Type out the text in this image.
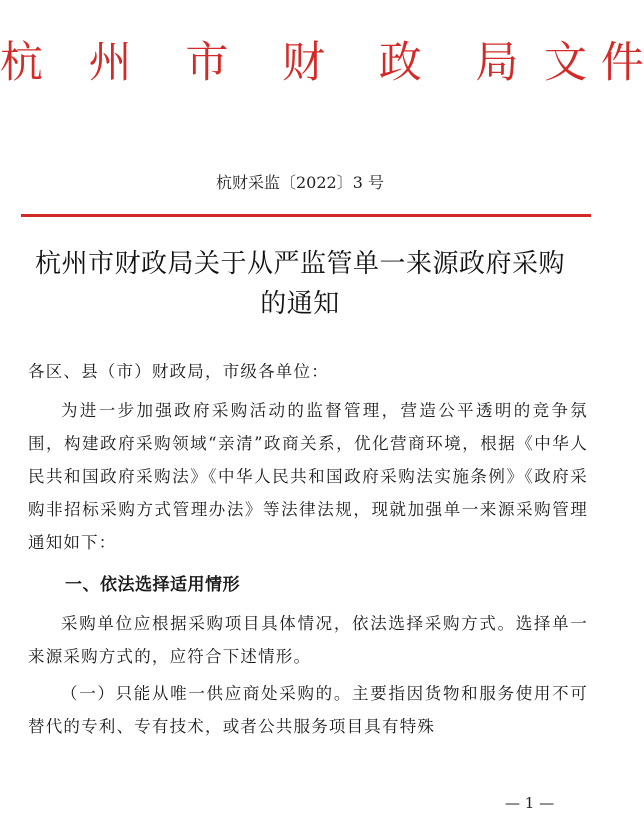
杭 州 市 财 政 局 文 件
杭财采监〔2022〕3 号
杭州市财政局关于从严监管单一来源政府采购的通知
各区、县（市）财政局，市级各单位：
为进一步加强政府采购活动的监督管理，营造公平透明的竞争氛围，构建政府采购领域“亲清”政商关系，优化营商环境，根据《中华人民共和国政府采购法》《中华人民共和国政府采购法实施条例》《政府采购非招标采购方式管理办法》等法律法规，现就加强单一来源采购管理通知如下：
一、依法选择适用情形
采购单位应根据采购项目具体情况，依法选择采购方式。选择单一来源采购方式的，应符合下述情形。
（一）只能从唯一供应商处采购的。主要指因货物和服务使用不可替代的专利、专有技术，或者公共服务项目具有特殊
— 1 —
